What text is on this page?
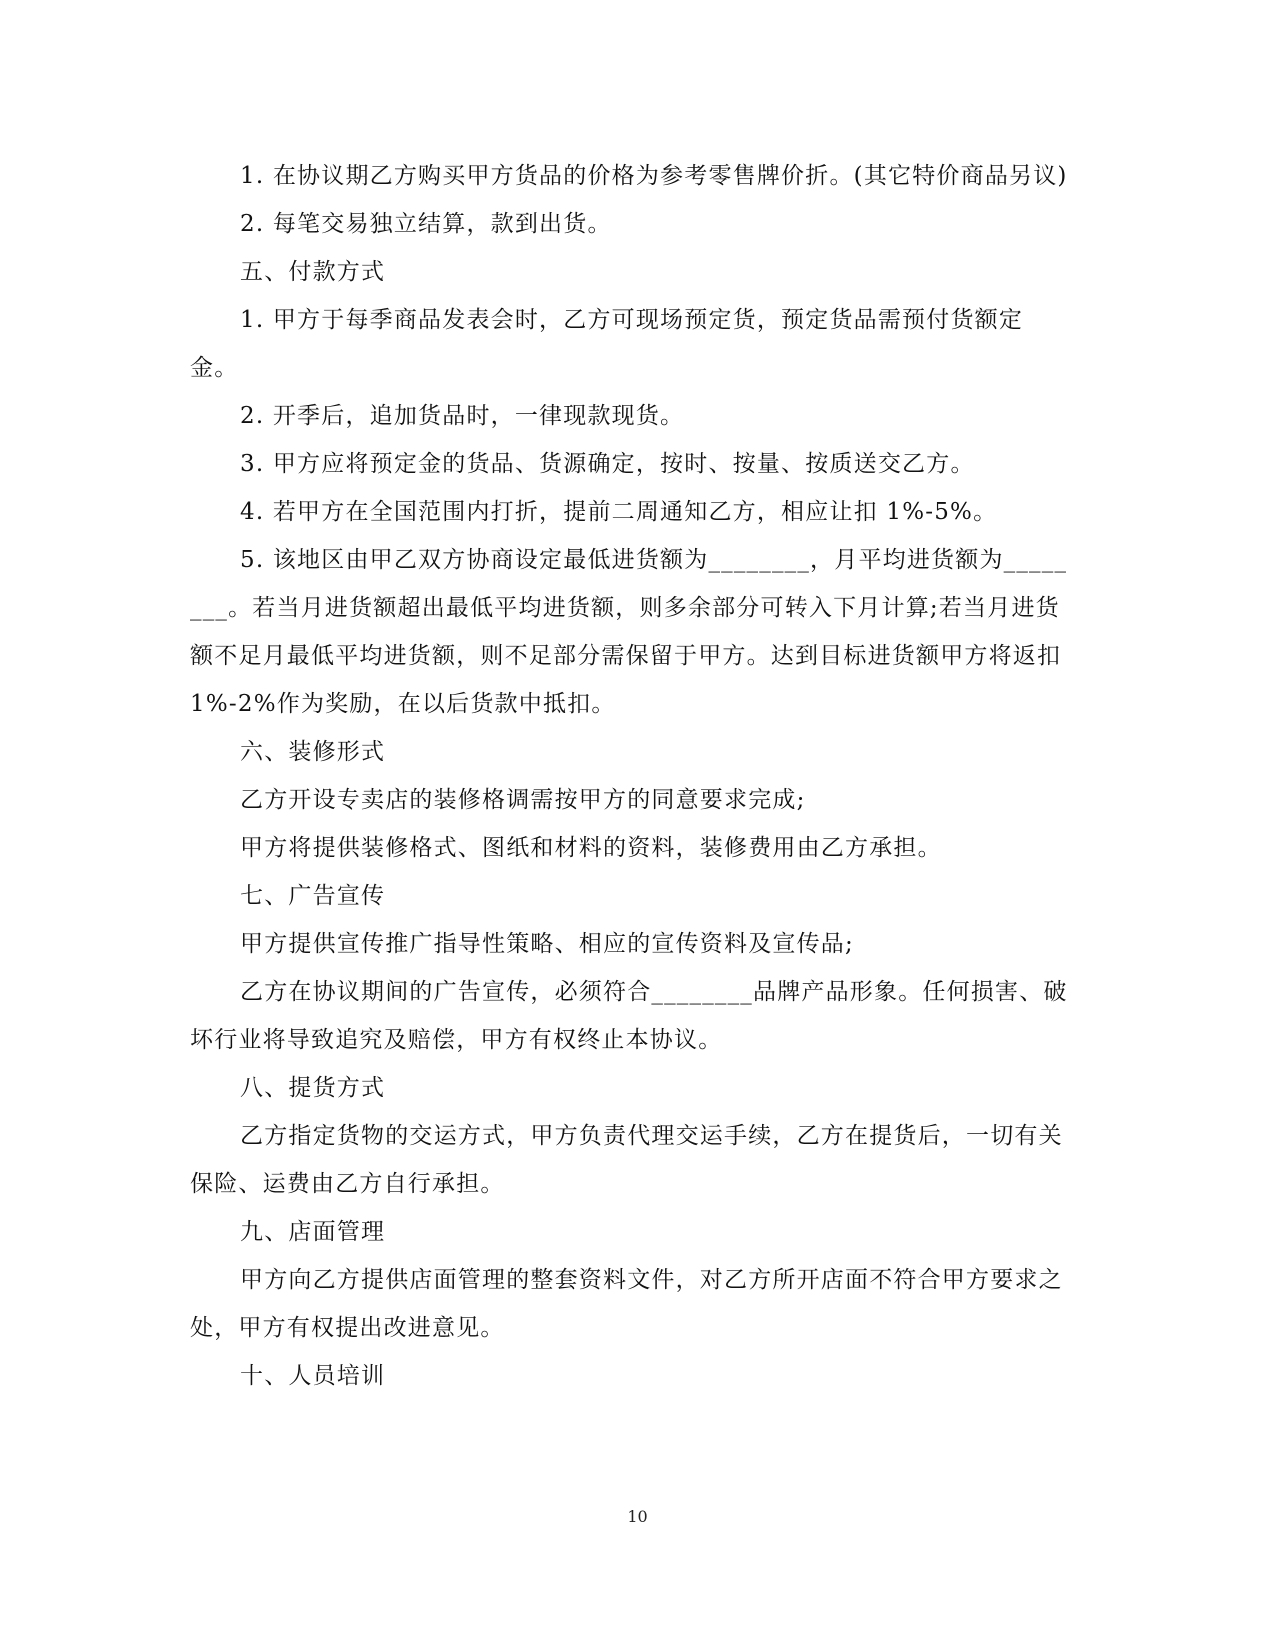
1. 在协议期乙方购买甲方货品的价格为参考零售牌价折。(其它特价商品另议)

2. 每笔交易独立结算，款到出货。

五、付款方式

1. 甲方于每季商品发表会时，乙方可现场预定货，预定货品需预付货额定金。

2. 开季后，追加货品时，一律现款现货。

3. 甲方应将预定金的货品、货源确定，按时、按量、按质送交乙方。

4. 若甲方在全国范围内打折，提前二周通知乙方，相应让扣 1%-5%。

5. 该地区由甲乙双方协商设定最低进货额为________，月平均进货额为________。若当月进货额超出最低平均进货额，则多余部分可转入下月计算;若当月进货额不足月最低平均进货额，则不足部分需保留于甲方。达到目标进货额甲方将返扣 1%-2%作为奖励，在以后货款中抵扣。

六、装修形式

乙方开设专卖店的装修格调需按甲方的同意要求完成;

甲方将提供装修格式、图纸和材料的资料，装修费用由乙方承担。

七、广告宣传

甲方提供宣传推广指导性策略、相应的宣传资料及宣传品;

乙方在协议期间的广告宣传，必须符合________品牌产品形象。任何损害、破坏行业将导致追究及赔偿，甲方有权终止本协议。

八、提货方式

乙方指定货物的交运方式，甲方负责代理交运手续，乙方在提货后，一切有关保险、运费由乙方自行承担。

九、店面管理

甲方向乙方提供店面管理的整套资料文件，对乙方所开店面不符合甲方要求之处，甲方有权提出改进意见。

十、人员培训

10
